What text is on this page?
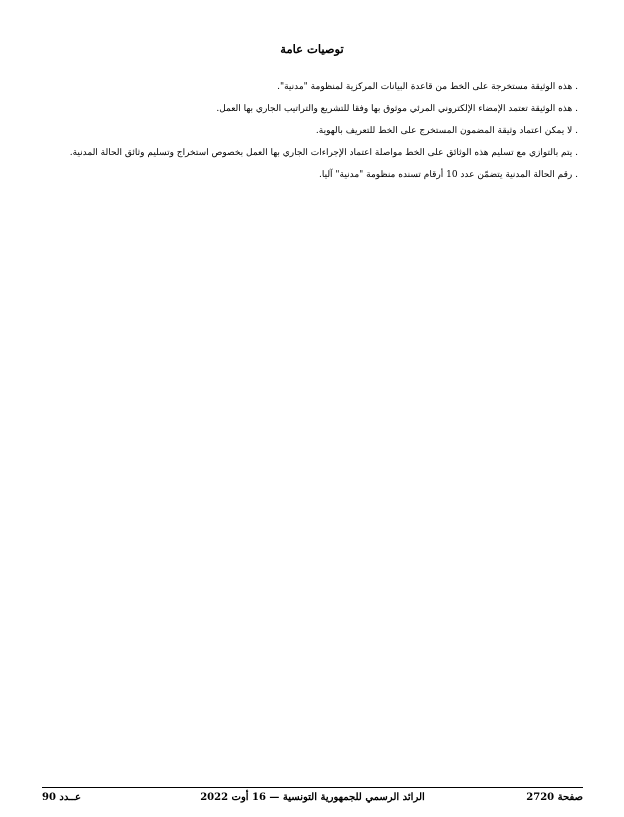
توصيات عامة
. هذه الوثيقة مستخرجة على الخط من قاعدة البيانات المركزية لمنظومة "مدنية".
. هذه الوثيقة تعتمد الإمضاء الإلكتروني المرئي موثوق بها وفقا للتشريع والتراتيب الجاري بها العمل.
. لا يمكن اعتماد وثيقة المضمون المستخرج على الخط للتعريف بالهوية.
. يتم بالتوازي مع تسليم هذه الوثائق على الخط مواصلة اعتماد الإجراءات الجاري بها العمل بخصوص استخراج وتسليم وثائق الحالة المدنية.
. رقم الحالة المدنية يتضمّن عدد 10 أرقام تسنده منظومة "مدنية" آليا.
صفحة 2720
الرائد الرسمي للجمهورية التونسية — 16 أوت 2022
عــدد 90
